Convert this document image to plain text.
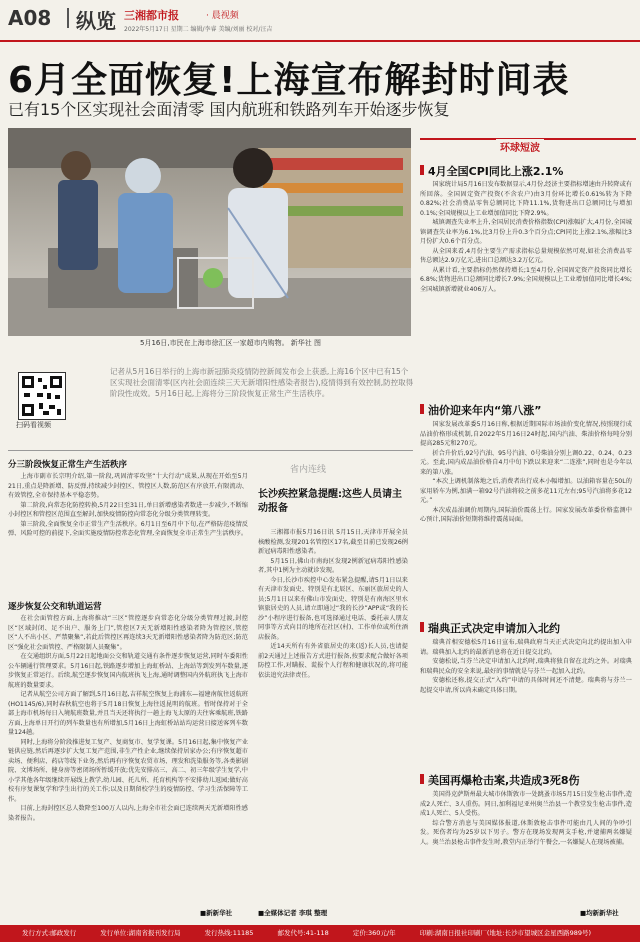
A08 纵览 三湘都市报	· 晨视频
2022年5月17日 星期二 编辑/李睿 美编/刘丽 校对/汪吉
6月全面恢复!上海宣布解封时间表
已有15个区实现社会面清零 国内航班和铁路列车开始逐步恢复
5月16日,市民在上海市徐汇区一家超市内购物。 新华社 图
扫码看视频
记者从5月16日举行的上海市新冠肺炎疫情防控新闻发布会上获悉,上海16个区中已有15个区实现社会面清零(区内社会面连续三天无新增阳性感染者报告),疫情得到有效控制,防控取得阶段性成效。5月16日起,上海将分三阶段恢复正常生产生活秩序。
分三阶段恢复正常生产生活秩序

上海市副市长宗明介绍,第一阶段,巩固清零攻坚“十大行动”成果,从现在开始至5月21日,重点是降新增、防反弹,持续减少封控区、管控区人数,防范区有序放开,有限流动、有效管控,全市保持基本平稳态势。

第二阶段,向常态化防控转换,5月22日至31日,单日新增感染者数进一步减少,不断缩小封控区和管控区范围直至解封,加快疫情防控向常态化分级分类管理转变。

第三阶段,全面恢复全市正常生产生活秩序。6月1日至6月中下旬,在严格防范疫情反弹、风险可控的前提下,全面实施疫情防控常态化管理,全面恢复全市正常生产生活秩序。

逐步恢复公交和轨道运营

在社会面管控方面,上海将推动“三区”管控逐步向常态化分级分类管理过渡,封控区“区域封闭、足不出户、服务上门”,管控区7天无新增阳性感染者降为管控区,管控区“人不出小区、严禁聚集”,若此后管控区再连续3天无新增阳性感染者降为防范区;防范区“强化社会面管控、严格限制人员聚集”。

在交通组织方面,5月22日起地面公交和轨道交通有条件逐步恢复运营,同时车委阳性公车辆通行管理要求。5月16日起,铁路逐步增加上海虹桥站、上海站等到发列车数量,逐步恢复正常运行。后续,航空逐步恢复国内航班执飞上海,通时调整国内外航班执飞上海市航班的数量要求。

记者从航空公司方面了解到,5月16日起,吉祥航空恢复上海浦东—福建南航往返航班(HO1145/6),同时春秋航空也将于5月18日恢复上海往返昆明的航班。暂时保持对于全部上海市机场每日入境航班数量,并且当天还将执行一趟上海飞太原的夫往客乘航班,铁路方面,上海单日开行的列车数量也有所增加,5月16日上海虹桥站站均运营日接送客列车数量124趟。

同时,上海将分阶段推进复工复产、复商复市、复学复课。5月16日起,集中恢复产业链供应链,然后再逐步扩大复工复产范围,非生产性企业,继续保持居家办公;有序恢复超市卖场、便利店、药店等线下业务,然后再有序恢复农贸市场、理发和洗染服务等,各类影剧院、文博场所、健身房等密闭场所暂缓开放;优先安排高三、高二、初三年级学生复学,中小学其他各年级继续开展线上教学,幼儿园、托儿所、托育机构等不安排幼儿返园;做好高校有序复课复学和学生出行的关工作;以及日期留校学生的疫情防控、学习生活保障等工作。

目前,上海封控区总人数降至100万人以内,上海全市社会面已连续两天无新增阳性感染者报告。

■新新华社
省内连线
长沙疾控紧急提醒:这些人员请主动报备

三湘都市报5月16日讯 5月15日,天津市开展全员核酸检测,发现201名管控区17名,截至目前已发现26例新冠病毒阳性感染者。

5月15日,佛山市南海区发现2例新冠病毒阳性感染者,其中1例为主动就诊发现。

今日,长沙市疾控中心发布紧急提醒,请5月1日以来有天津市发面史、特别是有北辰区、东丽区旅居史的人员;5月1日以来有佛山市发面史、特别是有南海区里水镇旅居史的人员,请立即通过“我的长沙”APP或“我的长沙”小程序进行报备,也可选择通过电话、委托亲人朋友同事等方式向目的地所在社区(村)、工作单位或所住酒店报备。

近14天所有有外省旅居史的来(返)长人员,也请提前2天通过上述报告方式进行报备,按要求配合做好各项防控工作,对瞒报、谎报个人行程和健康状况的,将可能依法追究法律责任。

■全媒体记者 李琪 整理
环球短波
4月全国CPI同比上涨2.1%

国家统计局5月16日发布数据显示,4月份,经济主要指标增速由升转降或有所回落。全国固定资产投资(不含农户)由3月份环比增长0.61%转为下降0.82%;社会消费品零售总额同比下降11.1%,货物进出口总额同比与增加0.1%;全国规模以上工业增加值同比下降2.9%。

城镇调查失业率上升,全国居民消费价格指数(CPI)涨幅扩大,4月份,全国城镇调查失业率为6.1%,比3月份上升0.3个百分点;CPI同比上涨2.1%,涨幅比3月份扩大0.6个百分点。

从全国来看,4月份主要生产需求指标总量规模依然可观,如社会消费品零售总额达2.9万亿元,进出口总额达3.2万亿元。

从累计看,主要指标仍然保持增长;1至4月份,全国固定资产投资同比增长6.8%;货物进出口总额同比增长7.9%;全国规模以上工业增加值同比增长4%;全国城镇新增就业406万人。

油价迎来年内“第八涨”

国家发展改革委5月16日称,根据近期国际市场油价变化情况,按照现行成品油价格形成机制,自2022年5月16日24时起,国内汽油、柴油价格每吨分别提高285元和270元。

折合升价后,92号汽油、95号汽油、0号柴油分别上调0.22、0.24、0.23元。至此,国内成品油价格自4月中旬下跌以来迎来“二连涨”,同时也是今年以来的第八涨。

“本次上调机制落地之后,消费者出行成本小幅增加。以油箱容量在50L的家用轿车为例,加满一箱92号汽油将较之前多花11元左右;95号汽油将多花12元。”

本次成品油调价周期内,国际油价震荡上行。国家发展改革委价格监测中心预计,国际油价短期将维持震荡局面。

瑞典正式决定申请加入北约

瑞典首相安德松5月16日宣布,瑞典政府当天正式决定向北约提出加入申请。瑞典加入北约的最新消息将在近日提交北约。

安德松说,当芬兰决定申请加入北约时,瑞典将独自留在北约之外。对瑞典和瑞典民众的安全来说,最好的事情就是与芬兰一起加入北约。

安德松还称,提交正式“入约”申请的具体时间还不清楚。瑞典将与芬兰一起提交申请,所以尚未确定具体日期。

美国再爆枪击案,共造成3死8伤

美国得克萨斯州最大城市休斯敦市一处跳蚤市场5月15日发生枪击事件,造成2人死亡、3人重伤。同日,加利福尼亚州奥兰治县一个教堂发生枪击事件,造成1人死亡、5人受伤。

综合警方消息与美国媒体报道,休斯敦枪击事件可能由几人间的争吵引发。死伤者均为25岁以下男子。警方在现场发现两支手枪,并逮捕两名嫌疑人。奥兰治县枪击事件发生时,教堂内正举行午餐会,一名嫌疑人在现场被捕。

■均新新华社
发行方式:邮政发行	发行单位:湖南省报刊发行局	发行热线:11185	邮发代号:41-118	定价:360元/年	印刷:湖南日报社印刷厂(地址:长沙市望城区金星西路989号)
